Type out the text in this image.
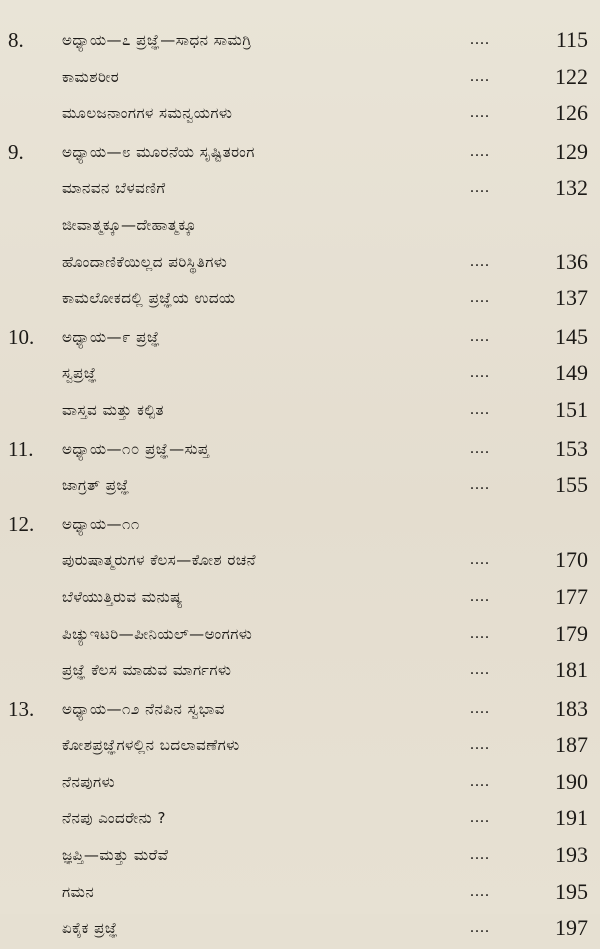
8.	ಅಧ್ಯಾಯ—೭ ಪ್ರಜ್ಞೆ—ಸಾಧನ ಸಾಮಗ್ರಿ	....	115
ಕಾಮಶರೀರ	....	122
ಮೂಲಜನಾಂಗಗಳ ಸಮನ್ವಯಗಳು	....	126
9.	ಅಧ್ಯಾಯ—೮ ಮೂರನೆಯ ಸೃಷ್ಟಿತರಂಗ	....	129
ಮಾನವನ ಬೆಳವಣಿಗೆ	....	132
ಜೀವಾತ್ಮಕ್ಕೂ—ದೇಹಾತ್ಮಕ್ಕೂ
ಹೊಂದಾಣಿಕೆಯಿಲ್ಲದ ಪರಿಸ್ಥಿತಿಗಳು	....	136
ಕಾಮಲೋಕದಲ್ಲಿ ಪ್ರಜ್ಞೆಯ ಉದಯ	....	137
10.	ಅಧ್ಯಾಯ—೯ ಪ್ರಜ್ಞೆ	....	145
ಸ್ವಪ್ರಜ್ಞೆ	....	149
ವಾಸ್ತವ ಮತ್ತು ಕಲ್ಪಿತ	....	151
11.	ಅಧ್ಯಾಯ—೧೦ ಪ್ರಜ್ಞೆ—ಸುಪ್ತ	....	153
ಜಾಗ್ರತ್ ಪ್ರಜ್ಞೆ	....	155
12.	ಅಧ್ಯಾಯ—೧೧
ಪುರುಷಾತ್ಮರುಗಳ ಕೆಲಸ—ಕೋಶ ರಚನೆ	....	170
ಬೆಳೆಯುತ್ತಿರುವ ಮನುಷ್ಯ	....	177
ಪಿಚ್ಯುಇಟರಿ—ಪೀನಿಯಲ್—ಅಂಗಗಳು	....	179
ಪ್ರಜ್ಞೆ ಕೆಲಸ ಮಾಡುವ ಮಾರ್ಗಗಳು	....	181
13.	ಅಧ್ಯಾಯ—೧೨ ನೆನಪಿನ ಸ್ವಭಾವ	....	183
ಕೋಶಪ್ರಜ್ಞೆಗಳಲ್ಲಿನ ಬದಲಾವಣೆಗಳು	....	187
ನೆನಪುಗಳು	....	190
ನೆನಪು ಎಂದರೇನು ?	....	191
ಜ್ಞಪ್ತಿ—ಮತ್ತು ಮರೆವೆ	....	193
ಗಮನ	....	195
ಏಕೈಕ ಪ್ರಜ್ಞೆ	....	197
